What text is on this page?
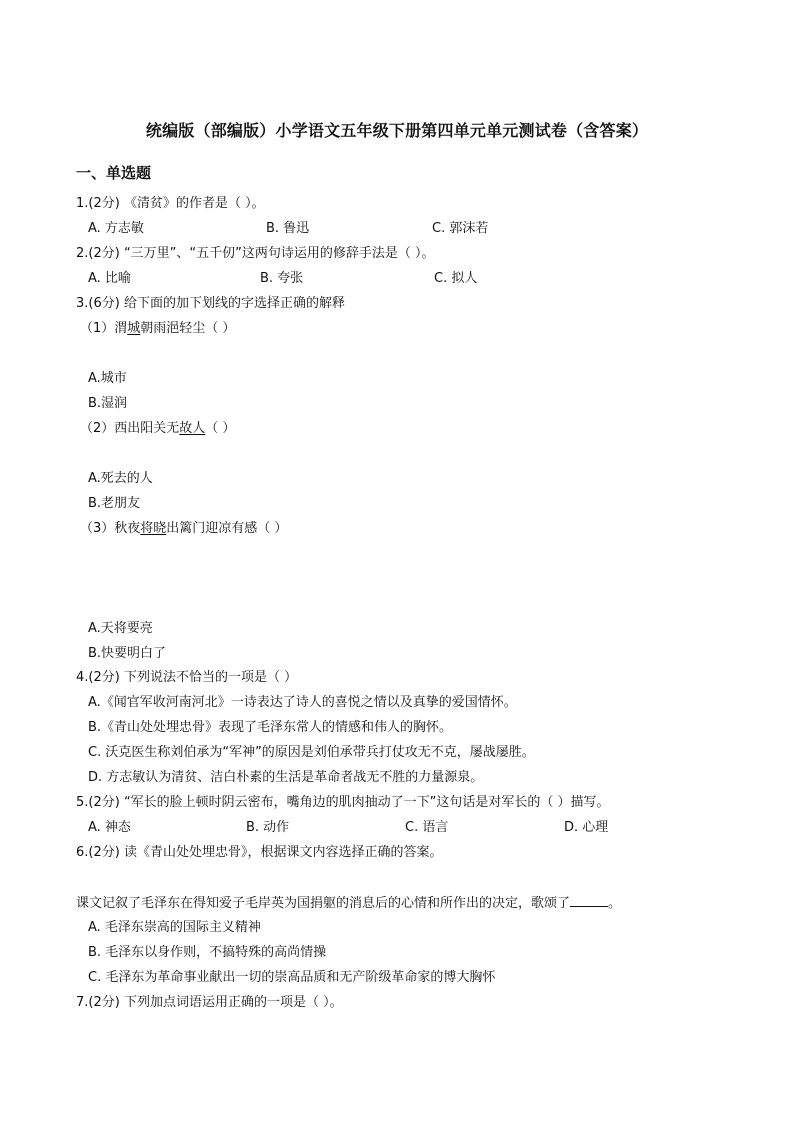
统编版（部编版）小学语文五年级下册第四单元单元测试卷（含答案）
一、单选题
1.(2分) 《清贫》的作者是（ ）。
A. 方志敏	B. 鲁迅	C. 郭沫若
2.(2分) “三万里”、“五千仞”这两句诗运用的修辞手法是（ ）。
A. 比喻	B. 夸张	C. 拟人
3.(6分) 给下面的加下划线的字选择正确的解释
（1）渭城朝雨浥轻尘（ ）
A.城市
B.湿润
（2）西出阳关无故人（ ）
A.死去的人
B.老朋友
（3）秋夜将晓出篱门迎凉有感（ ）
A.天将要亮
B.快要明白了
4.(2分) 下列说法不恰当的一项是（ ）
A.《闻官军收河南河北》一诗表达了诗人的喜悦之情以及真挚的爱国情怀。
B.《青山处处埋忠骨》表现了毛泽东常人的情感和伟人的胸怀。
C. 沃克医生称刘伯承为“军神”的原因是刘伯承带兵打仗攻无不克，屡战屡胜。
D. 方志敏认为清贫、洁白朴素的生活是革命者战无不胜的力量源泉。
5.(2分) “军长的脸上顿时阴云密布，嘴角边的肌肉抽动了一下”这句话是对军长的（ ）描写。
A. 神态	B. 动作	C. 语言	D. 心理
6.(2分) 读《青山处处埋忠骨》，根据课文内容选择正确的答案。
课文记叙了毛泽东在得知爱子毛岸英为国捐躯的消息后的心情和所作出的决定，歌颂了	。
A. 毛泽东崇高的国际主义精神
B. 毛泽东以身作则，不搞特殊的高尚情操
C. 毛泽东为革命事业献出一切的崇高品质和无产阶级革命家的博大胸怀
7.(2分) 下列加点词语运用正确的一项是（ ）。
